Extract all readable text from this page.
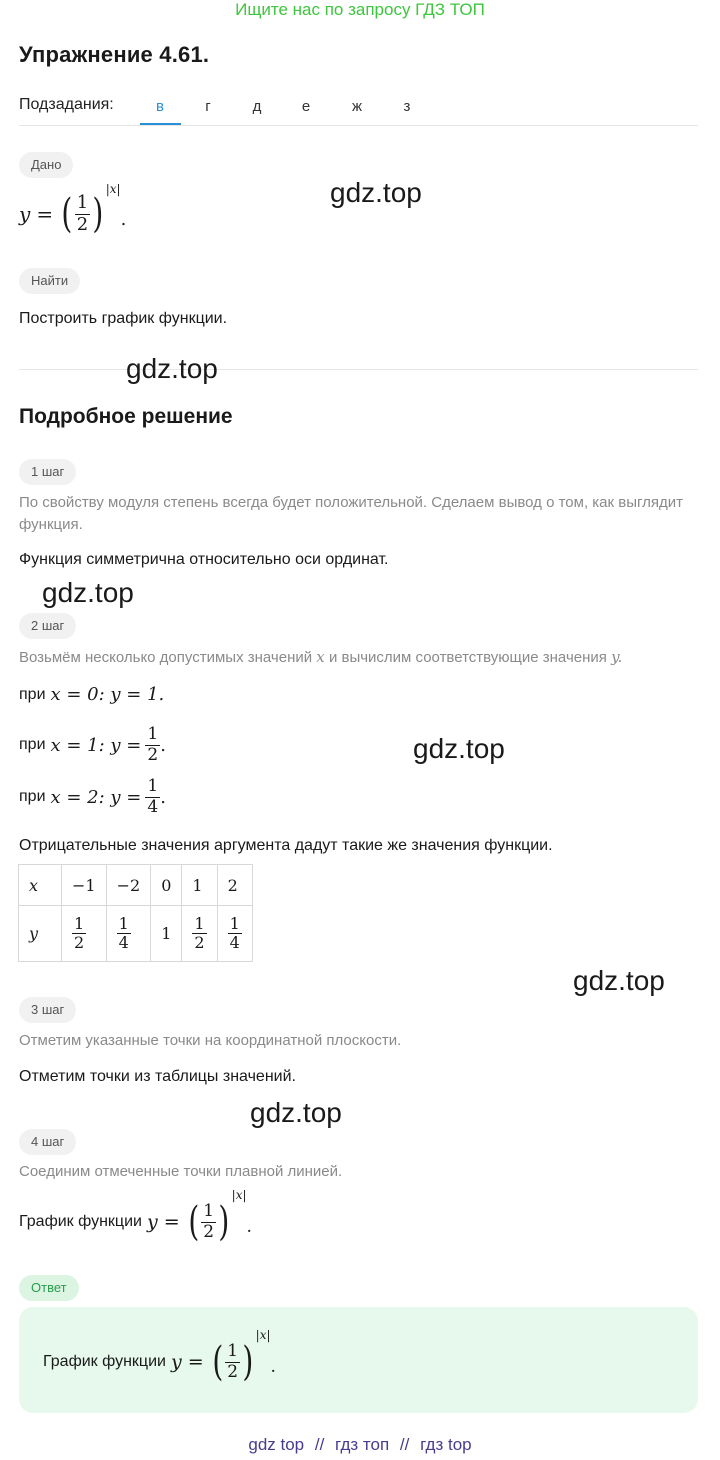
Ищите нас по запросу ГДЗ ТОП
Упражнение 4.61.
Подзадания:	в	г	д	е	ж	з
Дано
y = ( $\frac{1}{2}$ )
|x|
.
Найти
Построить график функции.
Подробное решение
1 шаг
По свойству модуля степень всегда будет положительной. Сделаем вывод о том, как выглядит функция.
Функция симметрична относительно оси ординат.
2 шаг
Возьмём несколько допустимых значений x и вычислим соответствующие значения y.
при x = 0: y = 1.
при x = 1: $y = \frac{1}{2}$ .
при x = 2: $y = \frac{1}{4}$ .
Отрицательные значения аргумента дадут такие же значения функции.
x	−1	−2	0	1	2
y	$\frac{1}{2}$	$\frac{1}{4}$	1	$\frac{1}{2}$	$\frac{1}{4}$
3 шаг
Отметим указанные точки на координатной плоскости.
Отметим точки из таблицы значений.
4 шаг
Соединим отмеченные точки плавной линией.
График функции y = ( $\frac{1}{2}$ )
|x|
.
Ответ
График функции y = ( $\frac{1}{2}$ )
|x|
.
gdz.top
gdz.top
gdz.top
gdz.top
gdz.top
gdz.top
gdz top // гдз топ // гдз top
